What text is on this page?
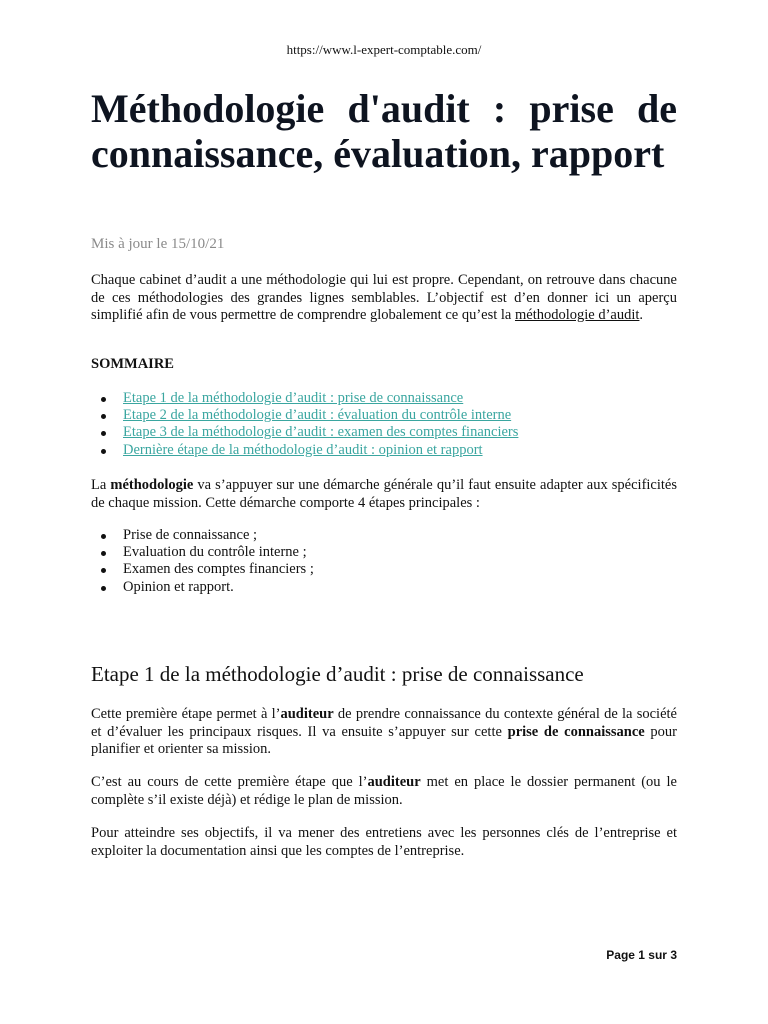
https://www.l-expert-comptable.com/
Méthodologie d'audit : prise de connaissance, évaluation, rapport
Mis à jour le 15/10/21

Chaque cabinet d’audit a une méthodologie qui lui est propre. Cependant, on retrouve dans chacune de ces méthodologies des grandes lignes semblables. L’objectif est d’en donner ici un aperçu simplifié afin de vous permettre de comprendre globalement ce qu’est la méthodologie d’audit.

SOMMAIRE
Etape 1 de la méthodologie d’audit : prise de connaissance
Etape 2 de la méthodologie d’audit : évaluation du contrôle interne
Etape 3 de la méthodologie d’audit : examen des comptes financiers
Dernière étape de la méthodologie d’audit : opinion et rapport

La méthodologie va s’appuyer sur une démarche générale qu’il faut ensuite adapter aux spécificités de chaque mission. Cette démarche comporte 4 étapes principales :

Prise de connaissance ;
Evaluation du contrôle interne ;
Examen des comptes financiers ;
Opinion et rapport.
Etape 1 de la méthodologie d’audit : prise de connaissance

Cette première étape permet à l’auditeur de prendre connaissance du contexte général de la société et d’évaluer les principaux risques. Il va ensuite s’appuyer sur cette prise de connaissance pour planifier et orienter sa mission.

C’est au cours de cette première étape que l’auditeur met en place le dossier permanent (ou le complète s’il existe déjà) et rédige le plan de mission.

Pour atteindre ses objectifs, il va mener des entretiens avec les personnes clés de l’entreprise et exploiter la documentation ainsi que les comptes de l’entreprise.

Page 1 sur 3
